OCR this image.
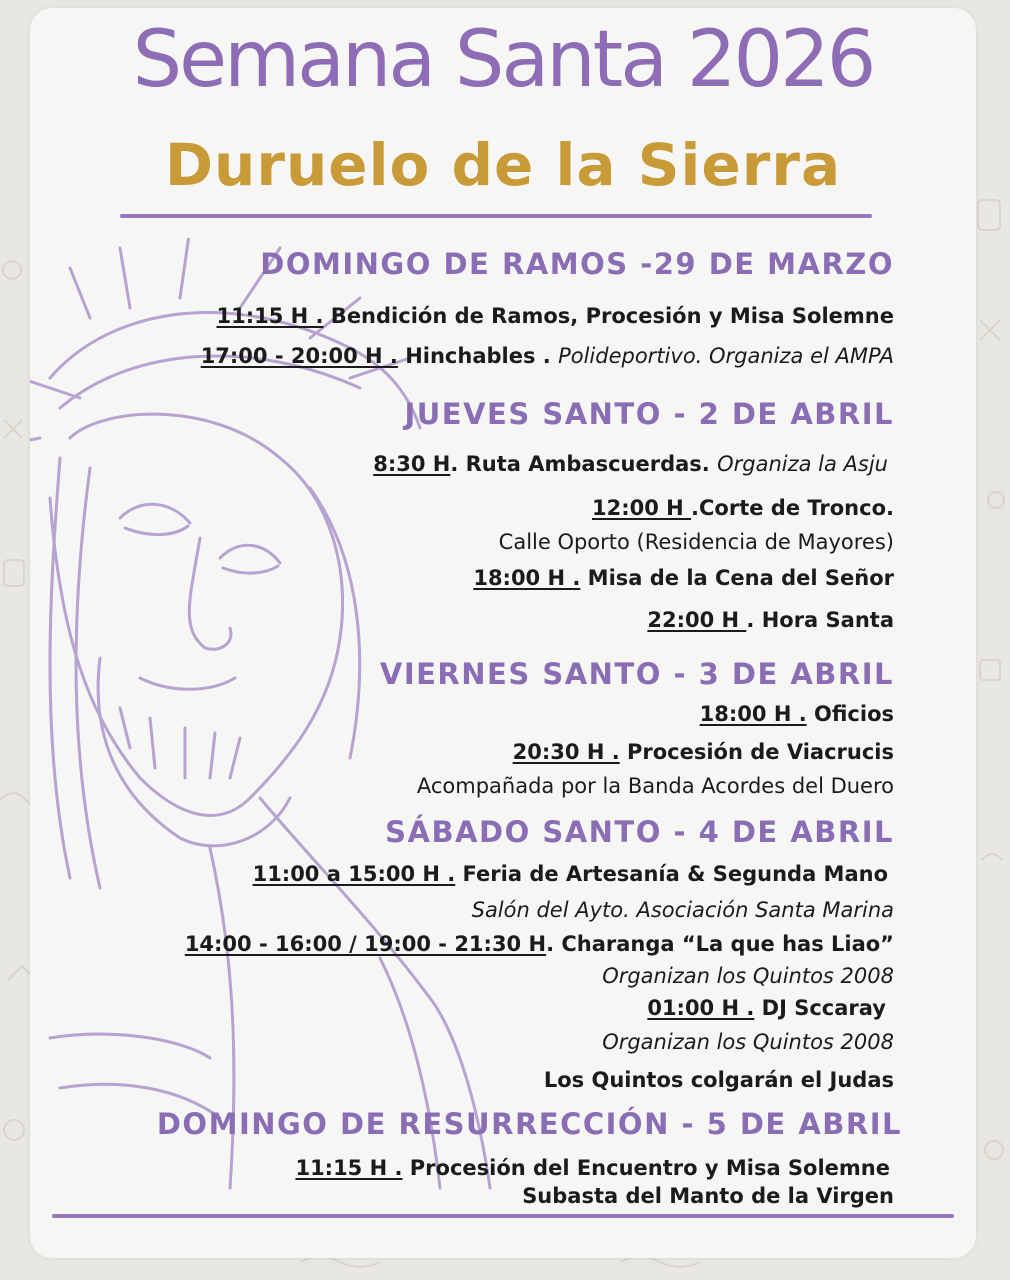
Semana Santa 2026
Duruelo de la Sierra
DOMINGO DE RAMOS -29 DE MARZO
11:15 H . Bendición de Ramos, Procesión y Misa Solemne
17:00 - 20:00 H . Hinchables . Polideportivo. Organiza el AMPA
JUEVES SANTO - 2 DE ABRIL
8:30 H. Ruta Ambascuerdas. Organiza la Asju
12:00 H .Corte de Tronco.
Calle Oporto (Residencia de Mayores)
18:00 H . Misa de la Cena del Señor
22:00 H . Hora Santa
VIERNES SANTO - 3 DE ABRIL
18:00 H . Oficios
20:30 H . Procesión de Viacrucis
Acompañada por la Banda Acordes del Duero
SÁBADO SANTO - 4 DE ABRIL
11:00 a 15:00 H . Feria de Artesanía & Segunda Mano
Salón del Ayto. Asociación Santa Marina
14:00 - 16:00 / 19:00 - 21:30 H. Charanga “La que has Liao”
Organizan los Quintos 2008
01:00 H . DJ Sccaray
Organizan los Quintos 2008
Los Quintos colgarán el Judas
DOMINGO DE RESURRECCIÓN - 5 DE ABRIL
11:15 H . Procesión del Encuentro y Misa Solemne
Subasta del Manto de la Virgen
